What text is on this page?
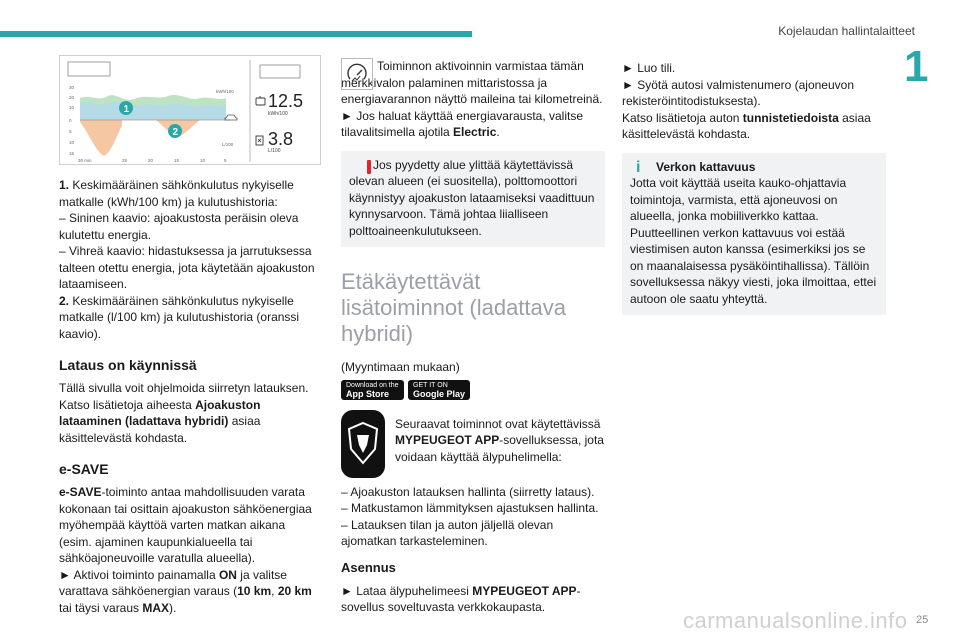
Kojelaudan hallintalaitteet
1
25
30
20
10
0
5
10
15
30 min	25	20	15	10	5
kWh/100
L/100
1
2
12.5
kWh/100
3.8
L/100

1. Keskimääräinen sähkönkulutus nykyiselle matkalle (kWh/100 km) ja kulutushistoria:

– Sininen kaavio: ajoakustosta peräisin oleva kulutettu energia.

– Vihreä kaavio: hidastuksessa ja jarrutuksessa talteen otettu energia, jota käytetään ajoakuston lataamiseen.

2. Keskimääräinen sähkönkulutus nykyiselle matkalle (l/100 km) ja kulutushistoria (oranssi kaavio).

Lataus on käynnissä

Tällä sivulla voit ohjelmoida siirretyn latauksen. Katso lisätietoja aiheesta Ajoakuston lataaminen (ladattava hybridi) asiaa käsittelevästä kohdasta.

e-SAVE

e-SAVE-toiminto antaa mahdollisuuden varata kokonaan tai osittain ajoakuston sähköenergiaa myöhempää käyttöä varten matkan aikana (esim. ajaminen kaupunkialueella tai sähköajoneuvoille varatulla alueella).

► Aktivoi toiminto painamalla ON ja valitse varattava sähköenergian varaus (10 km, 20 km tai täysi varaus MAX).

Toiminnon aktivoinnin varmistaa tämän merkkivalon palaminen mittaristossa ja energiavarannon näyttö maileina tai kilometreinä.

► Jos haluat käyttää energiavarausta, valitse tilavalitsimella ajotila Electric.

Jos pyydetty alue ylittää käytettävissä olevan alueen (ei suositella), polttomoottori käynnistyy ajoakuston lataamiseksi vaadittuun kynnysarvoon. Tämä johtaa liialliseen polttoaineenkulutukseen.

Etäkäytettävät lisätoiminnot (ladattava hybridi)

(Myyntimaan mukaan)

Download on the
App Store
GET IT ON
Google Play

Seuraavat toiminnot ovat käytettävissä MYPEUGEOT APP-sovelluksessa, jota voidaan käyttää älypuhelimella:

– Ajoakuston latauksen hallinta (siirretty lataus).

– Matkustamon lämmityksen ajastuksen hallinta.

– Latauksen tilan ja auton jäljellä olevan ajomatkan tarkasteleminen.

Asennus

► Lataa älypuhelimeesi MYPEUGEOT APP-sovellus soveltuvasta verkkokaupasta.

► Luo tili.

► Syötä autosi valmistenumero (ajoneuvon rekisteröintitodistuksesta).

Katso lisätietoja auton tunnistetiedoista asiaa käsittelevästä kohdasta.

i	Verkon kattavuus

Jotta voit käyttää useita kauko-ohjattavia toimintoja, varmista, että ajoneuvosi on alueella, jonka mobiiliverkko kattaa. Puutteellinen verkon kattavuus voi estää viestimisen auton kanssa (esimerkiksi jos se on maanalaisessa pysäköintihallissa). Tällöin sovelluksessa näkyy viesti, joka ilmoittaa, ettei autoon ole saatu yhteyttä.

carmanualsonline.info
